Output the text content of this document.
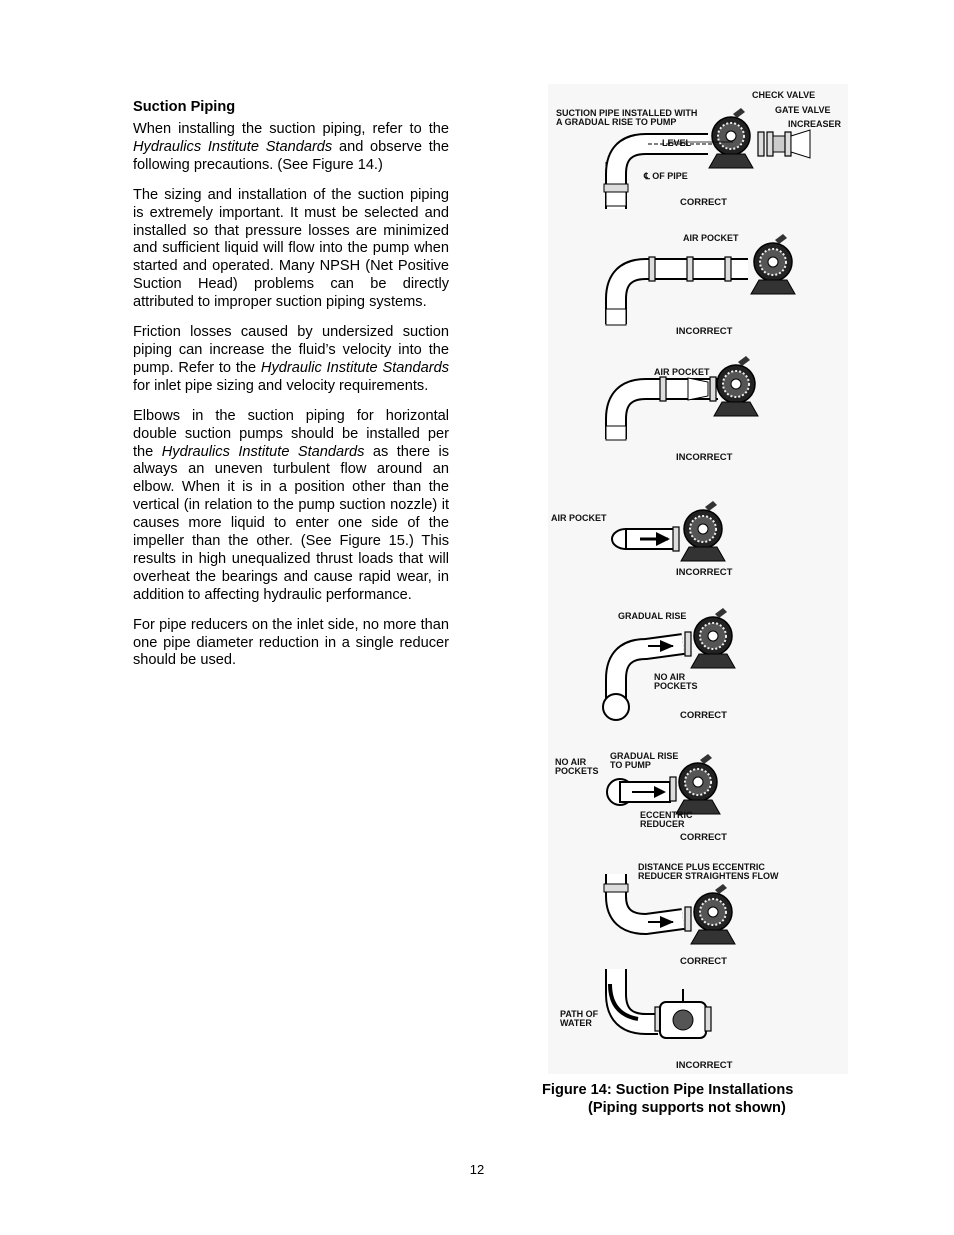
Suction Piping

When installing the suction piping, refer to the Hydraulics Institute Standards and observe the following precautions. (See Figure 14.)

The sizing and installation of the suction piping is extremely important. It must be selected and installed so that pressure losses are minimized and sufficient liquid will flow into the pump when started and operated. Many NPSH (Net Positive Suction Head) problems can be directly attributed to improper suction piping systems.

Friction losses caused by undersized suction piping can increase the fluid’s velocity into the pump. Refer to the Hydraulic Institute Standards for inlet pipe sizing and velocity requirements.

Elbows in the suction piping for horizontal double suction pumps should be installed per the Hydraulics Institute Standards as there is always an uneven turbulent flow around an elbow. When it is in a position other than the vertical (in relation to the pump suction nozzle) it causes more liquid to enter one side of the impeller than the other. (See Figure 15.) This results in high unequalized thrust loads that will overheat the bearings and cause rapid wear, in addition to affecting hydraulic performance.

For pipe reducers on the inlet side, no more than one pipe diameter reduction in a single reducer should be used.

SUCTION PIPE INSTALLED WITH
A GRADUAL RISE TO PUMP
CHECK VALVE
GATE VALVE
INCREASER
LEVEL
℄ OF PIPE
CORRECT
AIR POCKET
INCORRECT
AIR POCKET
INCORRECT
AIR POCKET
INCORRECT
GRADUAL RISE
NO AIR
POCKETS
CORRECT
GRADUAL RISE
TO PUMP
NO AIR
POCKETS
ECCENTRIC
REDUCER
CORRECT
DISTANCE PLUS ECCENTRIC
REDUCER STRAIGHTENS FLOW
CORRECT
PATH OF
WATER
INCORRECT
Figure 14: Suction Pipe Installations
(Piping supports not shown)
12
